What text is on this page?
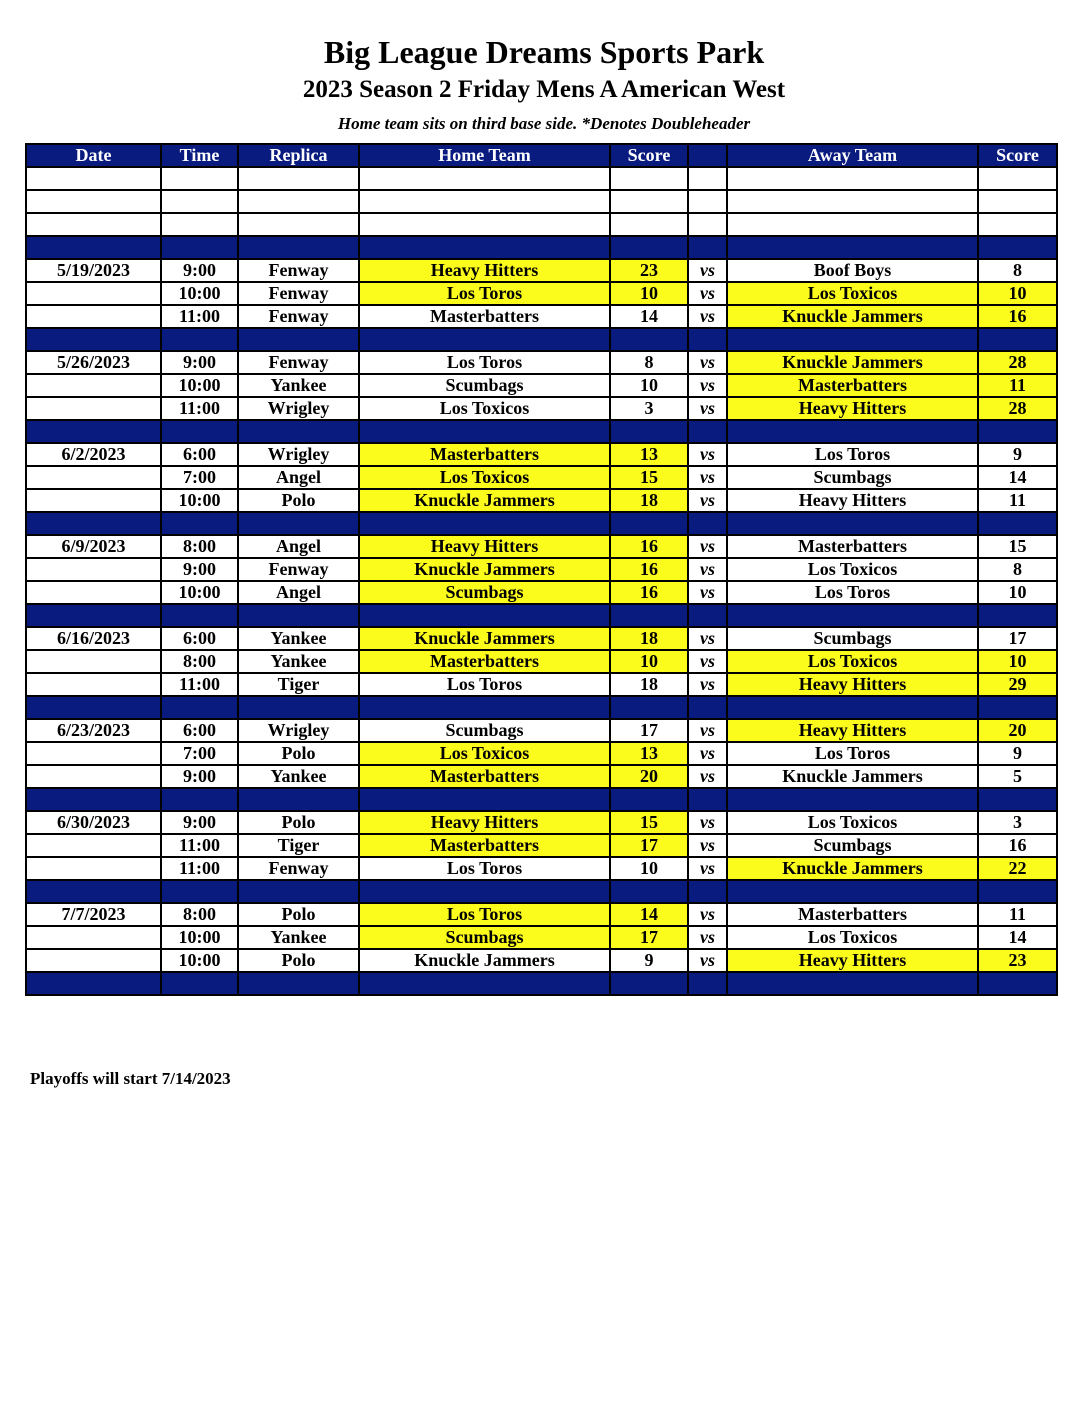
Big League Dreams Sports Park
2023 Season 2 Friday Mens A American West
Home team sits on third base side. *Denotes Doubleheader
Date	Time	Replica	Home Team	Score		Away Team	Score

5/19/2023	9:00	Fenway	Heavy Hitters	23	vs	Boof Boys	8
	10:00	Fenway	Los Toros	10	vs	Los Toxicos	10
	11:00	Fenway	Masterbatters	14	vs	Knuckle Jammers	16

5/26/2023	9:00	Fenway	Los Toros	8	vs	Knuckle Jammers	28
	10:00	Yankee	Scumbags	10	vs	Masterbatters	11
	11:00	Wrigley	Los Toxicos	3	vs	Heavy Hitters	28

6/2/2023	6:00	Wrigley	Masterbatters	13	vs	Los Toros	9
	7:00	Angel	Los Toxicos	15	vs	Scumbags	14
	10:00	Polo	Knuckle Jammers	18	vs	Heavy Hitters	11

6/9/2023	8:00	Angel	Heavy Hitters	16	vs	Masterbatters	15
	9:00	Fenway	Knuckle Jammers	16	vs	Los Toxicos	8
	10:00	Angel	Scumbags	16	vs	Los Toros	10

6/16/2023	6:00	Yankee	Knuckle Jammers	18	vs	Scumbags	17
	8:00	Yankee	Masterbatters	10	vs	Los Toxicos	10
	11:00	Tiger	Los Toros	18	vs	Heavy Hitters	29

6/23/2023	6:00	Wrigley	Scumbags	17	vs	Heavy Hitters	20
	7:00	Polo	Los Toxicos	13	vs	Los Toros	9
	9:00	Yankee	Masterbatters	20	vs	Knuckle Jammers	5

6/30/2023	9:00	Polo	Heavy Hitters	15	vs	Los Toxicos	3
	11:00	Tiger	Masterbatters	17	vs	Scumbags	16
	11:00	Fenway	Los Toros	10	vs	Knuckle Jammers	22

7/7/2023	8:00	Polo	Los Toros	14	vs	Masterbatters	11
	10:00	Yankee	Scumbags	17	vs	Los Toxicos	14
	10:00	Polo	Knuckle Jammers	9	vs	Heavy Hitters	23

Playoffs will start 7/14/2023
